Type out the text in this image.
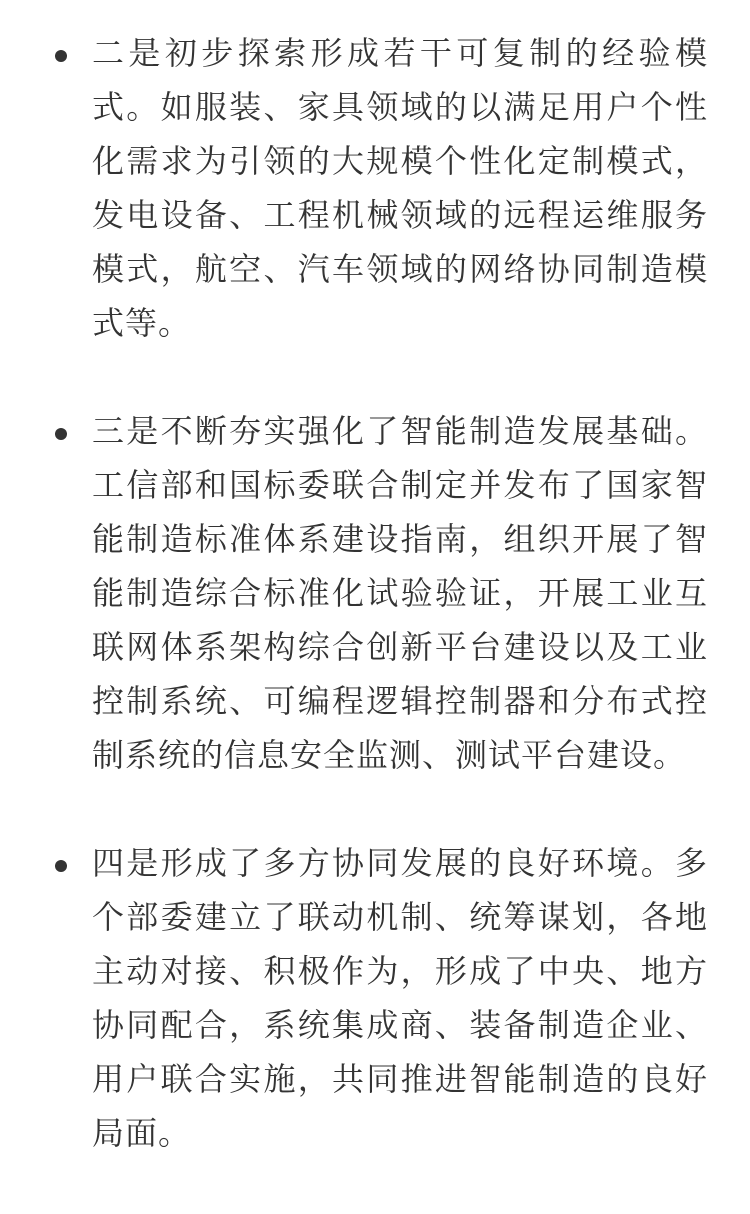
二是初步探索形成若干可复制的经验模式。如服装、家具领域的以满足用户个性化需求为引领的大规模个性化定制模式，发电设备、工程机械领域的远程运维服务模式，航空、汽车领域的网络协同制造模式等。
三是不断夯实强化了智能制造发展基础。工信部和国标委联合制定并发布了国家智能制造标准体系建设指南，组织开展了智能制造综合标准化试验验证，开展工业互联网体系架构综合创新平台建设以及工业控制系统、可编程逻辑控制器和分布式控制系统的信息安全监测、测试平台建设。
四是形成了多方协同发展的良好环境。多个部委建立了联动机制、统筹谋划，各地主动对接、积极作为，形成了中央、地方协同配合，系统集成商、装备制造企业、用户联合实施，共同推进智能制造的良好局面。
